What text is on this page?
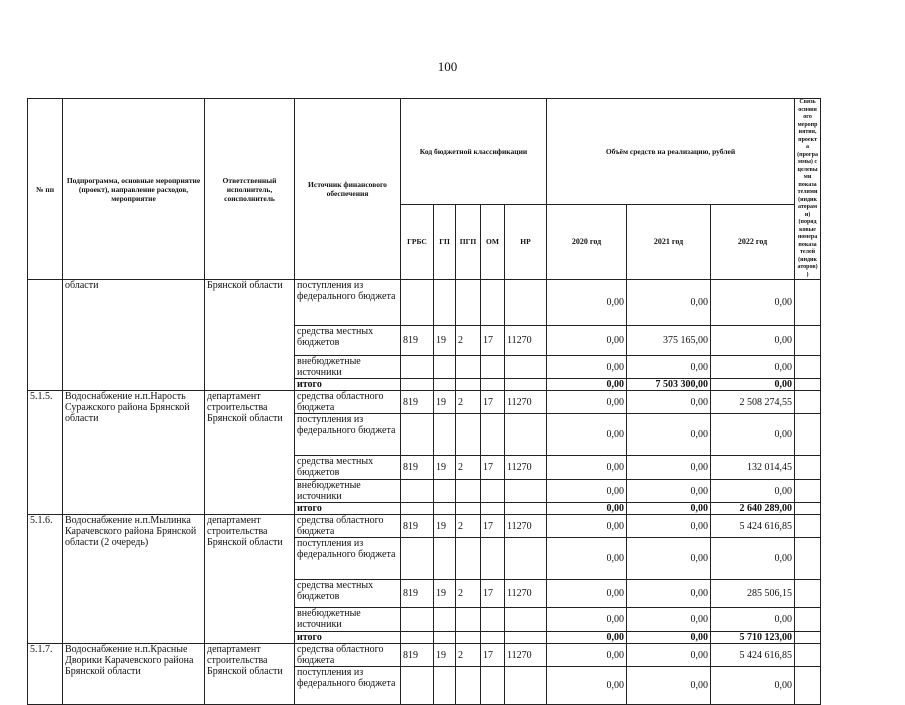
100
№ пп	Подпрограмма, основные мероприятие (проект), направление расходов, мероприятие	Ответственный исполнитель, соисполнитель	Источник финансового обеспечения	Код бюджетной классификации					Объём средств на реализацию, рублей			Связь основного мероприятия, проекта (программы) с целевыми показателями (индикаторами) (порядковые номера показателей (индикаторов))
				ГРБС	ГП	ПГП	ОМ	НР	2020 год	2021 год	2022 год	
	области	Брянской области	поступления из федерального бюджета						0,00	0,00	0,00	
			средства местных бюджетов	819	19	2	17	11270	0,00	375 165,00	0,00	
			внебюджетные источники						0,00	0,00	0,00	
			итого						0,00	7 503 300,00	0,00	
5.1.5.	Водоснабжение н.п.Нарость Суражского района Брянской области	департамент строительства Брянской области	средства областного бюджета	819	19	2	17	11270	0,00	0,00	2 508 274,55	
			поступления из федерального бюджета						0,00	0,00	0,00	
			средства местных бюджетов	819	19	2	17	11270	0,00	0,00	132 014,45	
			внебюджетные источники						0,00	0,00	0,00	
			итого						0,00	0,00	2 640 289,00	
5.1.6.	Водоснабжение н.п.Мылинка Карачевского района Брянской области (2 очередь)	департамент строительства Брянской области	средства областного бюджета	819	19	2	17	11270	0,00	0,00	5 424 616,85	
			поступления из федерального бюджета						0,00	0,00	0,00	
			средства местных бюджетов	819	19	2	17	11270	0,00	0,00	285 506,15	
			внебюджетные источники						0,00	0,00	0,00	
			итого						0,00	0,00	5 710 123,00	
5.1.7.	Водоснабжение н.п.Красные Дворики Карачевского района Брянской области	департамент строительства Брянской области	средства областного бюджета	819	19	2	17	11270	0,00	0,00	5 424 616,85	
			поступления из федерального бюджета						0,00	0,00	0,00	
